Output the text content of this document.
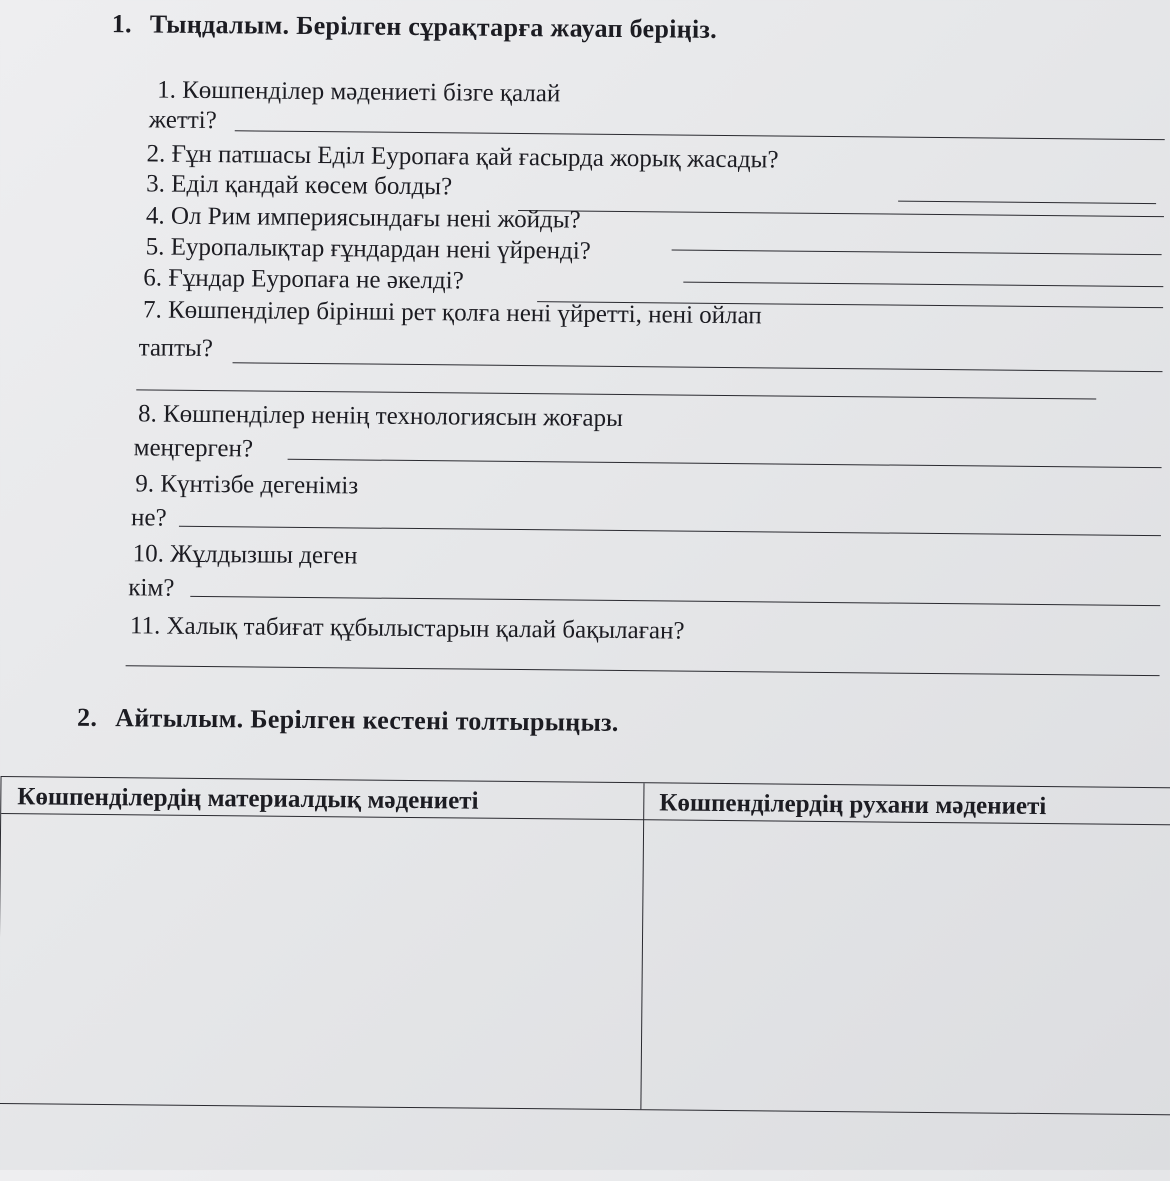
1. Тыңдалым. Берілген сұрақтарға жауап беріңіз.
1. Көшпенділер мәдениеті бізге қалай
жетті?
2. Ғұн патшасы Еділ Еуропаға қай ғасырда жорық жасады?
3. Еділ қандай көсем болды?
4. Ол Рим империясындағы нені жойды?
5. Еуропалықтар ғұндардан нені үйренді?
6. Ғұндар Еуропаға не әкелді?
7. Көшпенділер бірінші рет қолға нені үйретті, нені ойлап
тапты?
8. Көшпенділер ненің технологиясын жоғары
меңгерген?
9. Күнтізбе дегеніміз
не?
10. Жұлдызшы деген
кім?
11. Халық табиғат құбылыстарын қалай бақылаған?
2. Айтылым. Берілген кестені толтырыңыз.
Көшпенділердің материалдық мәдениеті	Көшпенділердің рухани мәдениеті
